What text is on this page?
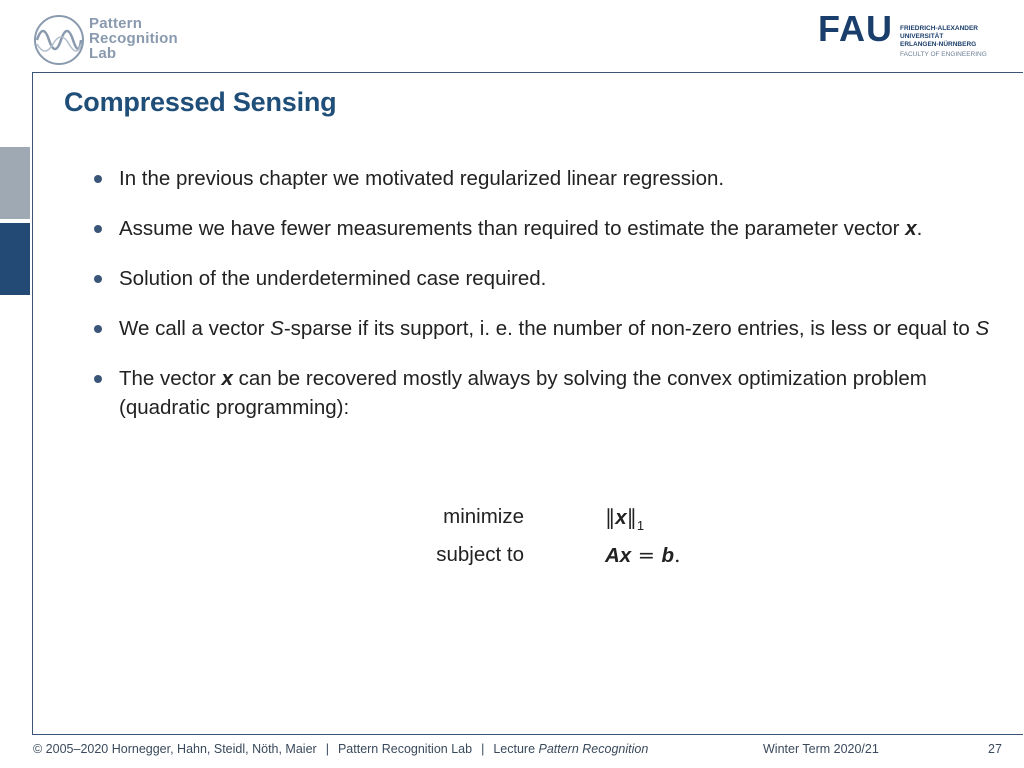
Pattern
Recognition
Lab
FAU FRIEDRICH-ALEXANDER
UNIVERSITÄT
ERLANGEN-NÜRNBERG
FACULTY OF ENGINEERING
Compressed Sensing
In the previous chapter we motivated regularized linear regression.
Assume we have fewer measurements than required to estimate the parameter vector x.
Solution of the underdetermined case required.
We call a vector S-sparse if its support, i. e. the number of non-zero entries, is less or equal to S
The vector x can be recovered mostly always by solving the convex optimization problem (quadratic programming):
minimize	$‖x‖_1$
subject to	Ax = b.
© 2005–2020 Hornegger, Hahn, Steidl, Nöth, Maier | Pattern Recognition Lab | Lecture Pattern Recognition	Winter Term 2020/21	27
